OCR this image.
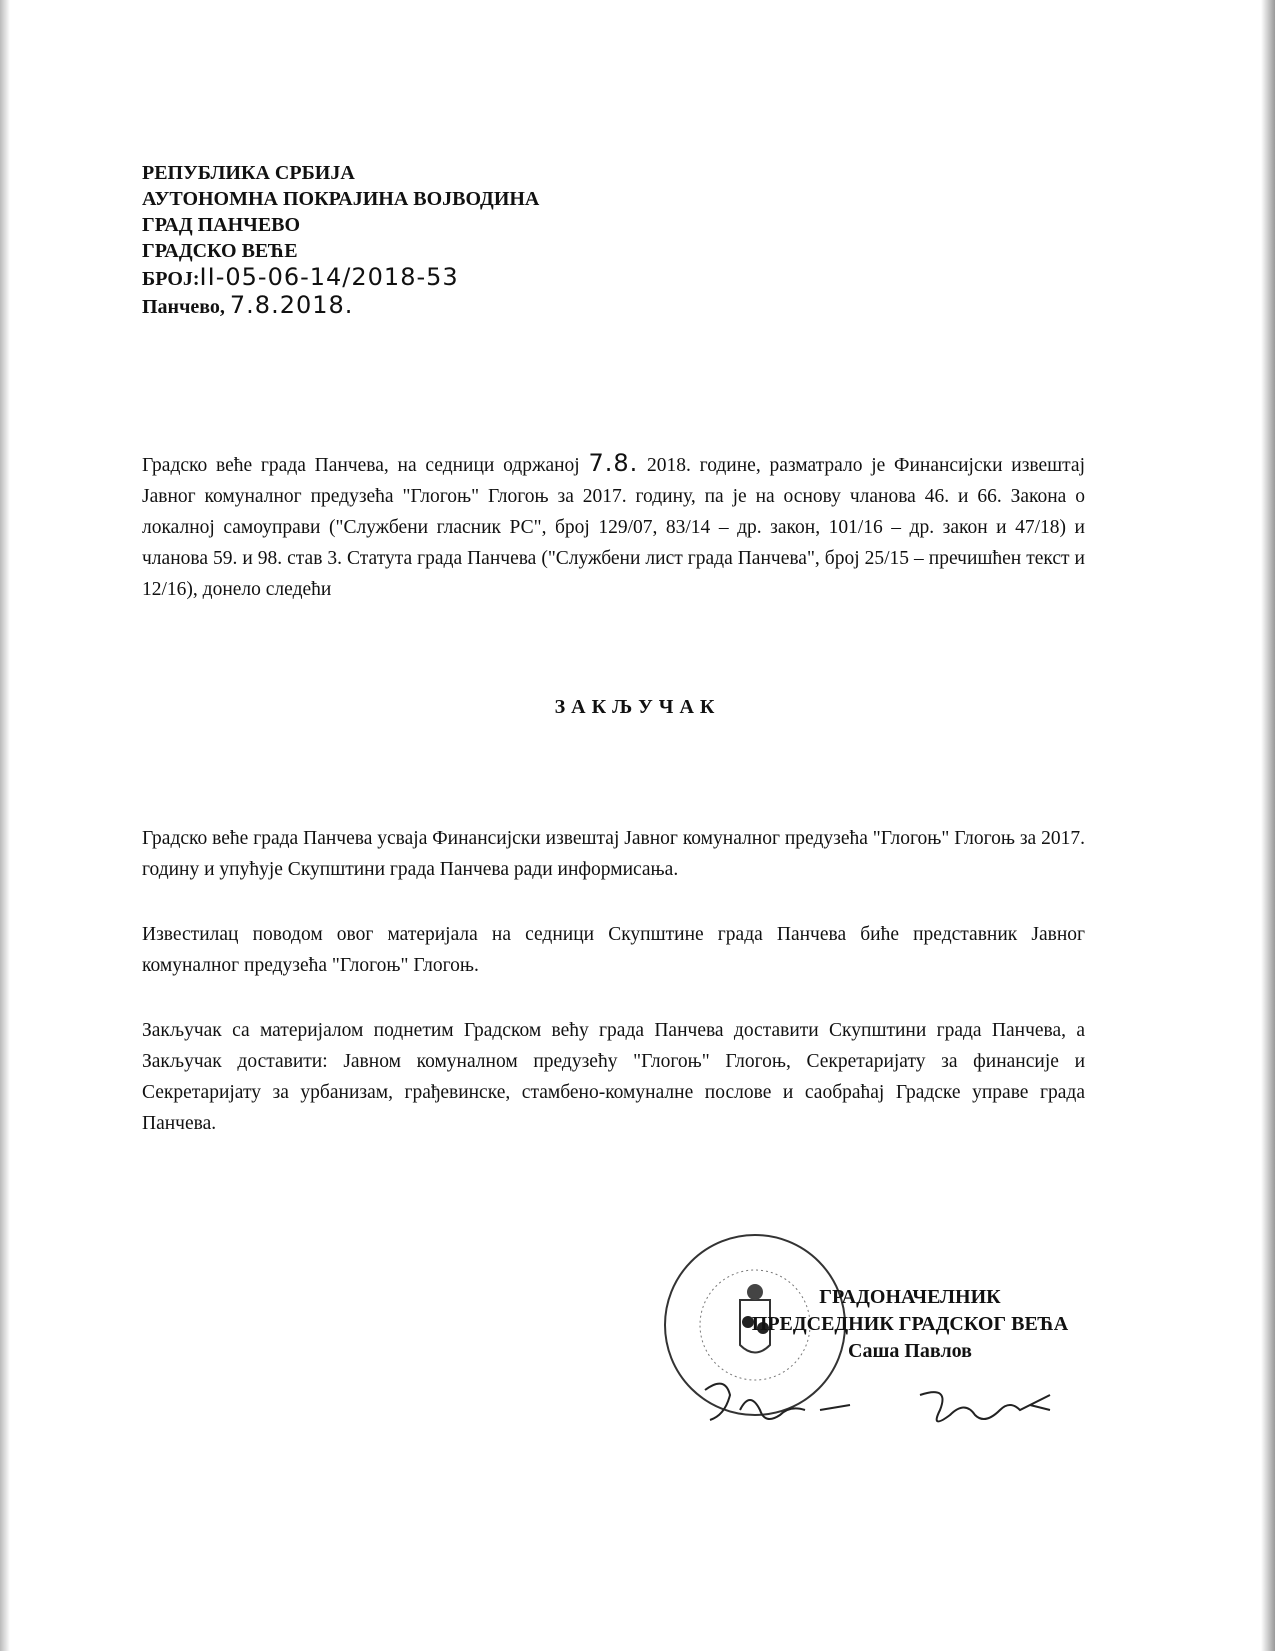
РЕПУБЛИКА СРБИЈА
АУТОНОМНА ПОКРАЈИНА ВОЈВОДИНА
ГРАД ПАНЧЕВО
ГРАДСКО ВЕЋЕ
БРОЈ:II-05-06-14/2018-53
Панчево, 7.8.2018.
Градско веће града Панчева, на седници одржаној 7.8. 2018. године, разматрало је Финансијски извештај Јавног комуналног предузећа "Глогоњ" Глогоњ за 2017. годину, па је на основу чланова 46. и 66. Закона о локалној самоуправи ("Службени гласник РС", број 129/07, 83/14 – др. закон, 101/16 – др. закон и 47/18) и чланова 59. и 98. став 3. Статута града Панчева ("Службени лист града Панчева", број 25/15 – пречишћен текст и 12/16), донело следећи
ЗАКЉУЧАК
Градско веће града Панчева усваја Финансијски извештај Јавног комуналног предузећа "Глогоњ" Глогоњ за 2017. годину и упућује Скупштини града Панчева ради информисања.
Известилац поводом овог материјала на седници Скупштине града Панчева биће представник Јавног комуналног предузећа "Глогоњ" Глогоњ.
Закључак са материјалом поднетим Градском већу града Панчева доставити Скупштини града Панчева, а Закључак доставити: Јавном комуналном предузећу "Глогоњ" Глогоњ, Секретаријату за финансије и Секретаријату за урбанизам, грађевинске, стамбено-комуналне послове и саобраћај Градске управе града Панчева.
ГРАДОНАЧЕЛНИК
ПРЕДСЕДНИК ГРАДСКОГ ВЕЋА
Саша Павлов
